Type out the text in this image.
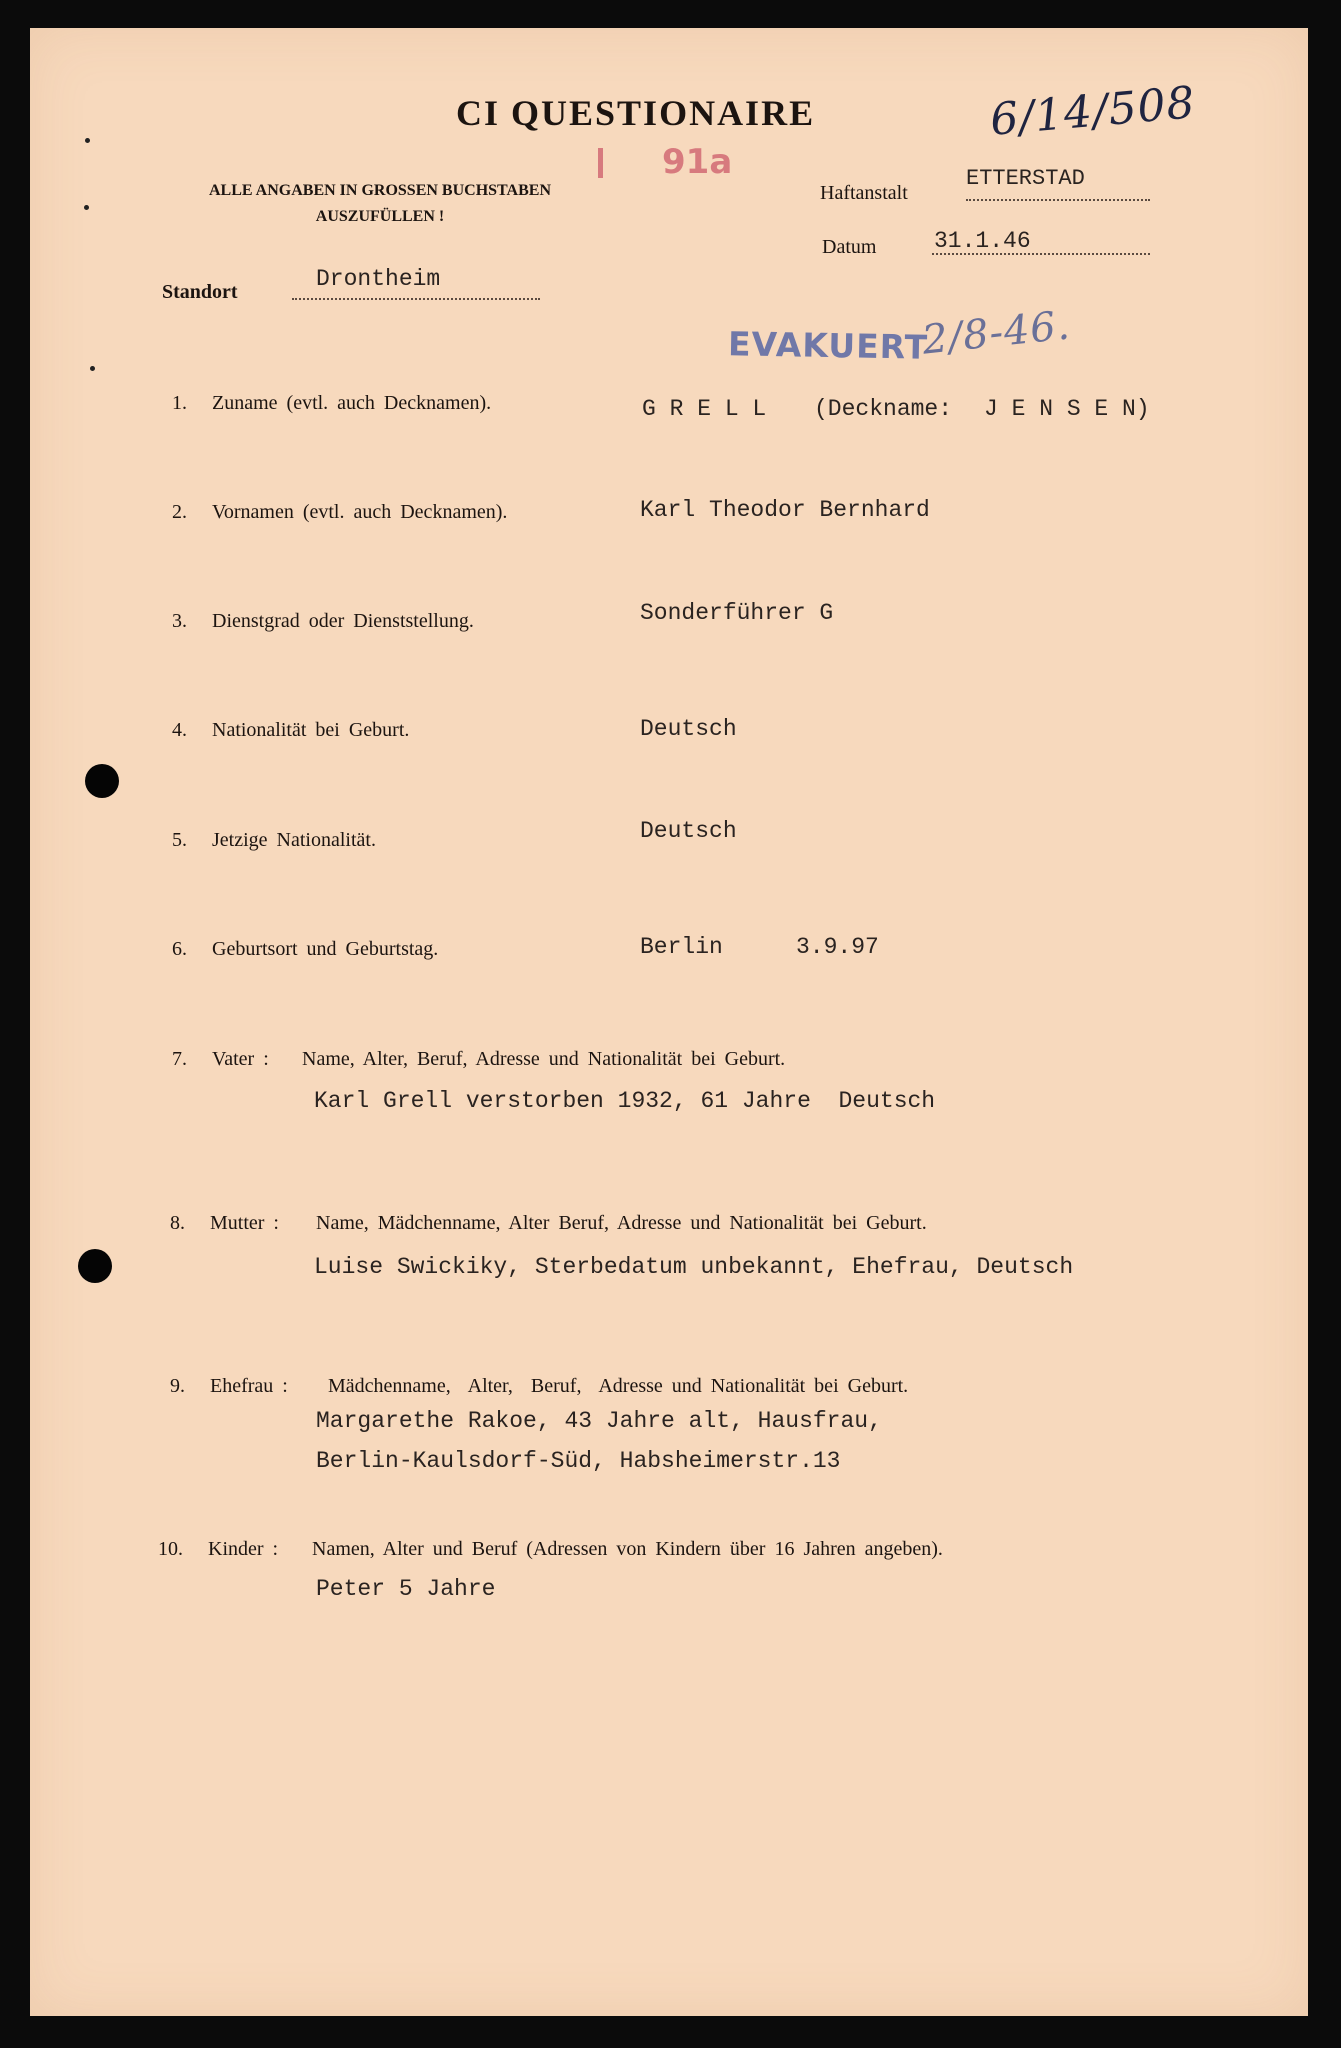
CI QUESTIONAIRE	6/14/508
91a
ALLE ANGABEN IN GROSSEN BUCHSTABEN
AUSZUFÜLLEN !
Haftanstalt
ETTERSTAD
Datum	31.1.46
Standort	Drontheim
EVAKUERT
2/8-46.
1. Zuname (evtl. auch Decknamen).	G R E L L (Deckname: J E N S E N)
2. Vornamen (evtl. auch Decknamen).	Karl Theodor Bernhard
3. Dienstgrad oder Dienststellung.	Sonderführer G
4. Nationalität bei Geburt.	Deutsch
5. Jetzige Nationalität.	Deutsch
6. Geburtsort und Geburtstag.	Berlin	3.9.97
7. Vater : Name, Alter, Beruf, Adresse und Nationalität bei Geburt.
Karl Grell verstorben 1932, 61 Jahre  Deutsch
8. Mutter : Name, Mädchenname, Alter Beruf, Adresse und Nationalität bei Geburt.
Luise Swickiky, Sterbedatum unbekannt, Ehefrau, Deutsch
9. Ehefrau : Mädchenname,  Alter,  Beruf,  Adresse und Nationalität bei Geburt.
Margarethe Rakoe, 43 Jahre alt, Hausfrau,
Berlin-Kaulsdorf-Süd, Habsheimerstr.13
10. Kinder : Namen, Alter und Beruf (Adressen von Kindern über 16 Jahren angeben).
Peter 5 Jahre
